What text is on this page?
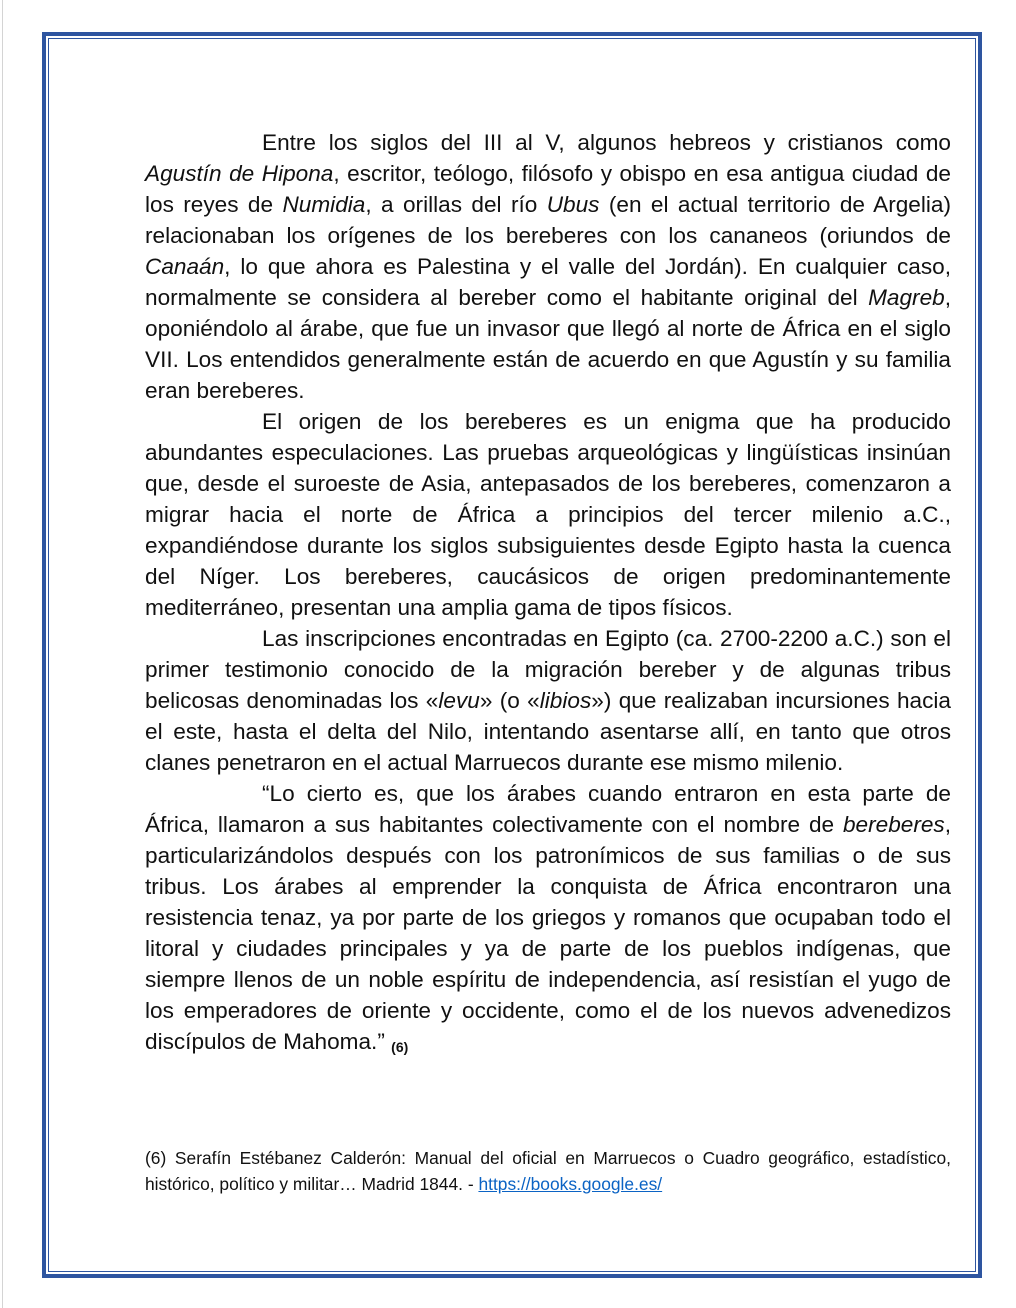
Entre los siglos del III al V, algunos hebreos y cristianos como Agustín de Hipona, escritor, teólogo, filósofo y obispo en esa antigua ciudad de los reyes de Numidia, a orillas del río Ubus (en el actual territorio de Argelia) relacionaban los orígenes de los bereberes con los cananeos (oriundos de Canaán, lo que ahora es Palestina y el valle del Jordán). En cualquier caso, normalmente se considera al bereber como el habitante original del Magreb, oponiéndolo al árabe, que fue un invasor que llegó al norte de África en el siglo VII. Los entendidos generalmente están de acuerdo en que Agustín y su familia eran bereberes.

El origen de los bereberes es un enigma que ha producido abundantes especulaciones. Las pruebas arqueológicas y lingüísticas insinúan que, desde el suroeste de Asia, antepasados de los bereberes, comenzaron a migrar hacia el norte de África a principios del tercer milenio a.C., expandiéndose durante los siglos subsiguientes desde Egipto hasta la cuenca del Níger. Los bereberes, caucásicos de origen predominantemente mediterráneo, presentan una amplia gama de tipos físicos.

Las inscripciones encontradas en Egipto (ca. 2700-2200 a.C.) son el primer testimonio conocido de la migración bereber y de algunas tribus belicosas denominadas los «levu» (o «libios») que realizaban incursiones hacia el este, hasta el delta del Nilo, intentando asentarse allí, en tanto que otros clanes penetraron en el actual Marruecos durante ese mismo milenio.

“Lo cierto es, que los árabes cuando entraron en esta parte de África, llamaron a sus habitantes colectivamente con el nombre de bereberes, particularizándolos después con los patronímicos de sus familias o de sus tribus. Los árabes al emprender la conquista de África encontraron una resistencia tenaz, ya por parte de los griegos y romanos que ocupaban todo el litoral y ciudades principales y ya de parte de los pueblos indígenas, que siempre llenos de un noble espíritu de independencia, así resistían el yugo de los emperadores de oriente y occidente, como el de los nuevos advenedizos discípulos de Mahoma.” (6)

(6) Serafín Estébanez Calderón: Manual del oficial en Marruecos o Cuadro geográfico, estadístico, histórico, político y militar… Madrid 1844. - https://books.google.es/
